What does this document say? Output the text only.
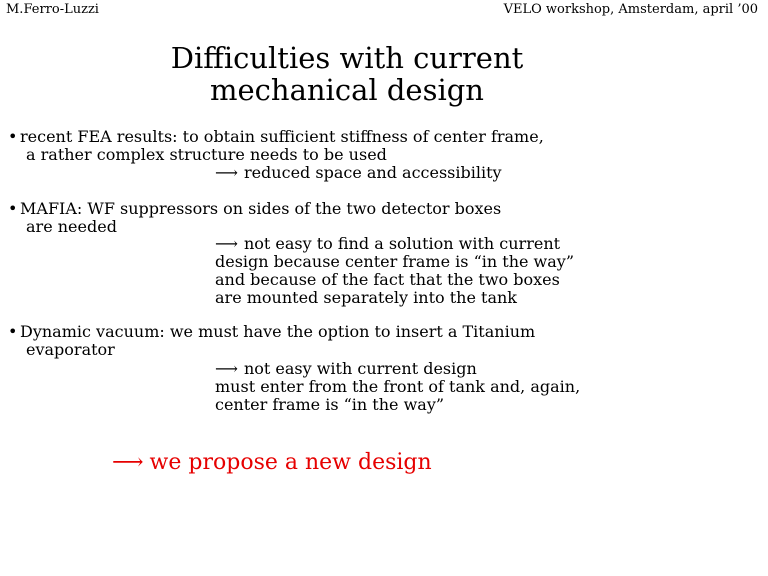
M.Ferro-Luzzi	VELO workshop, Amsterdam, april ’00
Difficulties with current
mechanical design
• recent FEA results: to obtain sufficient stiffness of center frame,
a rather complex structure needs to be used
⟶ reduced space and accessibility
• MAFIA: WF suppressors on sides of the two detector boxes
are needed
⟶ not easy to find a solution with current
design because center frame is “in the way”
and because of the fact that the two boxes
are mounted separately into the tank
• Dynamic vacuum: we must have the option to insert a Titanium
evaporator
⟶ not easy with current design
must enter from the front of tank and, again,
center frame is “in the way”
⟶ we propose a new design
